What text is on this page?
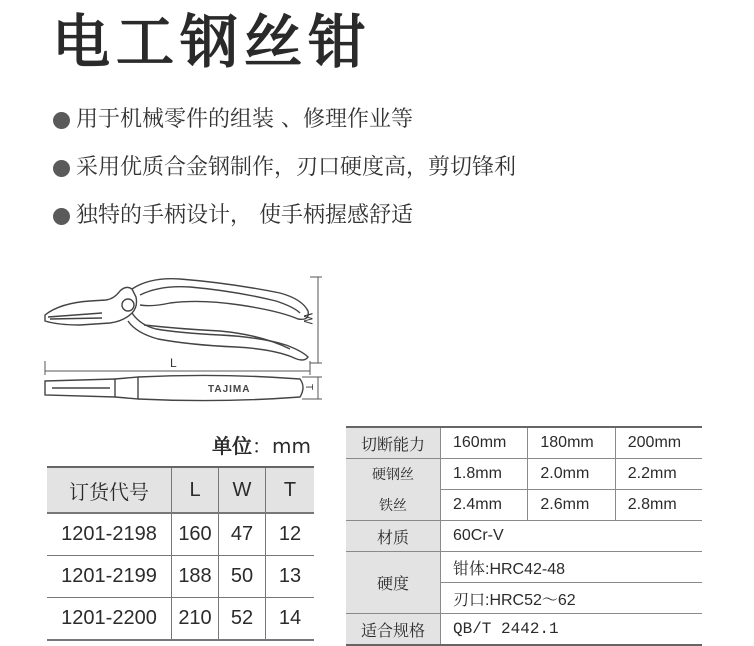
电工钢丝钳
用于机械零件的组装 、修理作业等
采用优质合金钢制作，刃口硬度高，剪切锋利
独特的手柄设计， 使手柄握感舒适
W
L
TAJIMA	T
单位：mm
订货代号	L	W	T
1201-2198	160	47	12
1201-2199	188	50	13
1201-2200	210	52	14
切断能力	160mm	180mm	200mm
硬钢丝	1.8mm	2.0mm	2.2mm
铁丝	2.4mm	2.6mm	2.8mm
材质	60Cr-V		
硬度	钳体:HRC42-48		
	刃口:HRC52～62		
适合规格	QB/T 2442.1		
